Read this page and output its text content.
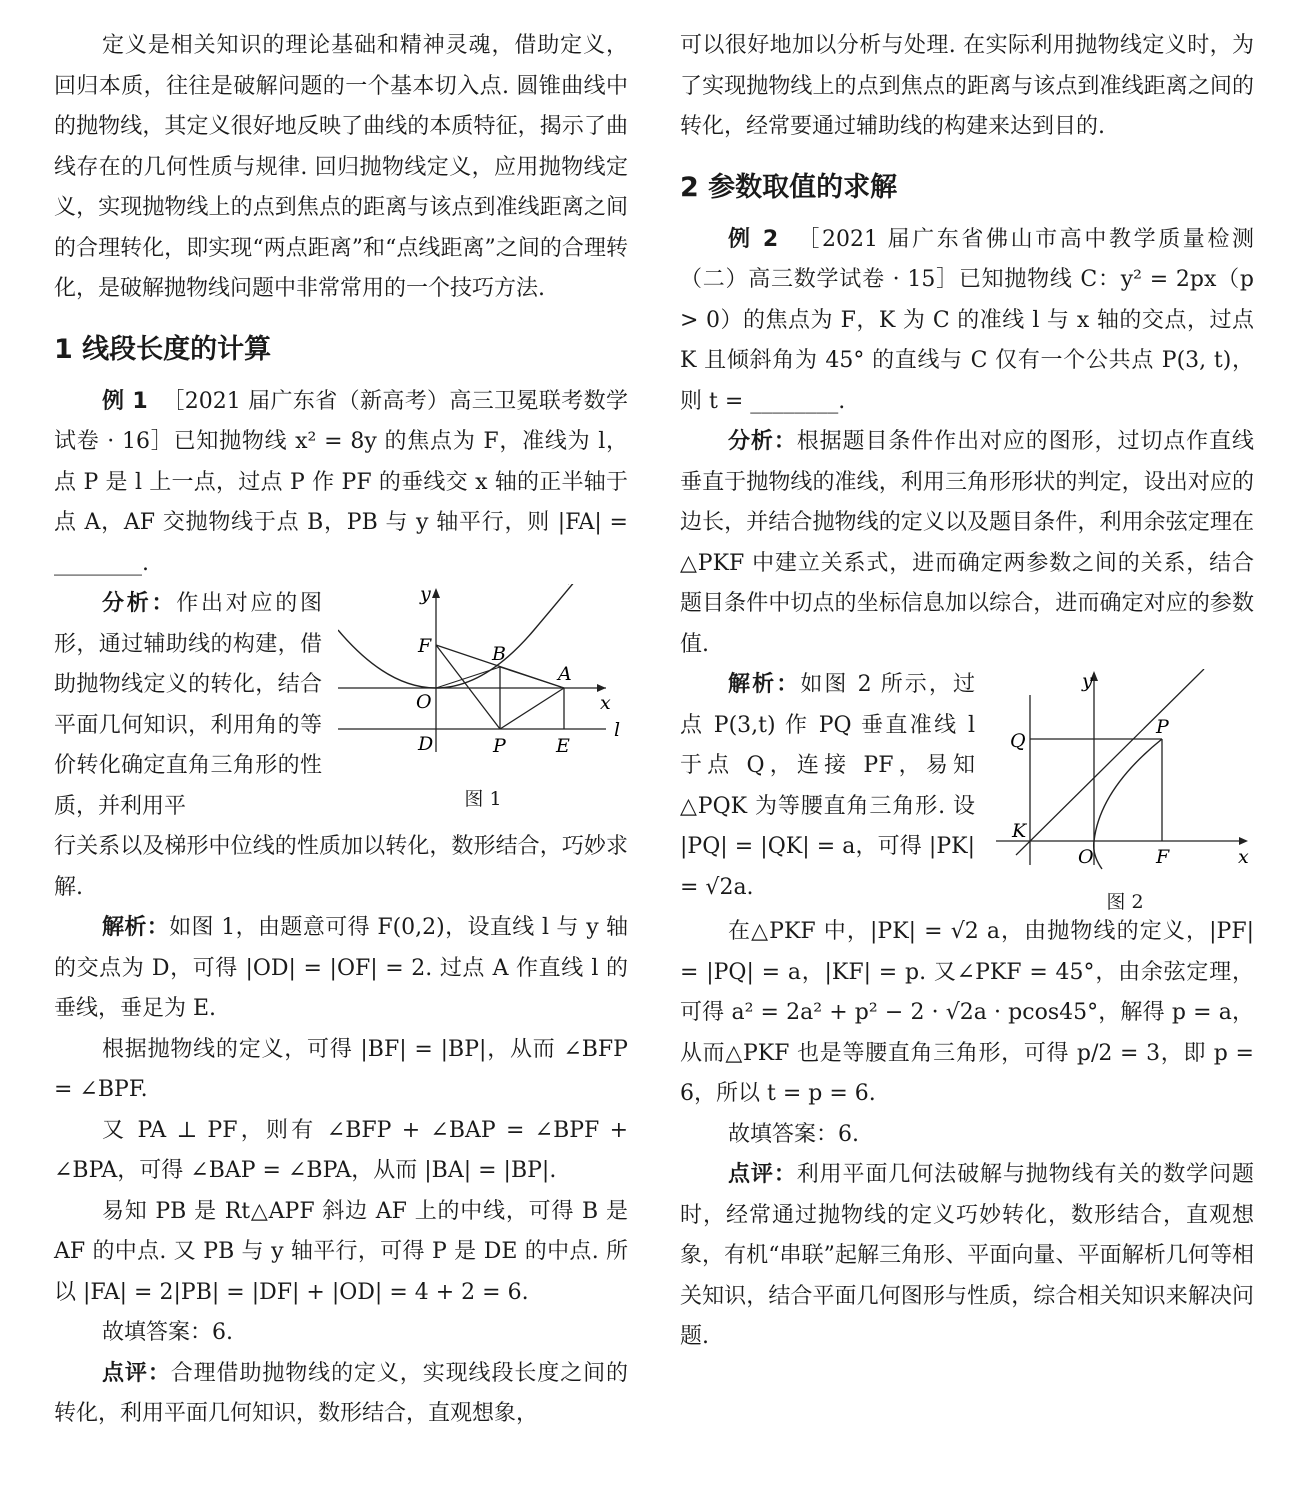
定义是相关知识的理论基础和精神灵魂，借助定义，回归本质，往往是破解问题的一个基本切入点. 圆锥曲线中的抛物线，其定义很好地反映了曲线的本质特征，揭示了曲线存在的几何性质与规律. 回归抛物线定义，应用抛物线定义，实现抛物线上的点到焦点的距离与该点到准线距离之间的合理转化，即实现“两点距离”和“点线距离”之间的合理转化，是破解抛物线问题中非常常用的一个技巧方法.

1 线段长度的计算

例 1 ［2021 届广东省（新高考）高三卫冕联考数学试卷 · 16］已知抛物线 x² = 8y 的焦点为 F，准线为 l，点 P 是 l 上一点，过点 P 作 PF 的垂线交 x 轴的正半轴于点 A，AF 交抛物线于点 B，PB 与 y 轴平行，则 |FA| = ________.

y
x
l
F	B
A
O
D	P	E
图 1

分析：作出对应的图形，通过辅助线的构建，借助抛物线定义的转化，结合平面几何知识，利用角的等价转化确定直角三角形的性质，并利用平

行关系以及梯形中位线的性质加以转化，数形结合，巧妙求解.

解析：如图 1，由题意可得 F(0,2)，设直线 l 与 y 轴的交点为 D，可得 |OD| = |OF| = 2. 过点 A 作直线 l 的垂线，垂足为 E.

根据抛物线的定义，可得 |BF| = |BP|，从而 ∠BFP = ∠BPF.

又 PA ⊥ PF，则有 ∠BFP + ∠BAP = ∠BPF + ∠BPA，可得 ∠BAP = ∠BPA，从而 |BA| = |BP|.

易知 PB 是 Rt△APF 斜边 AF 上的中线，可得 B 是 AF 的中点. 又 PB 与 y 轴平行，可得 P 是 DE 的中点. 所以 |FA| = 2|PB| = |DF| + |OD| = 4 + 2 = 6.

故填答案：6.

点评：合理借助抛物线的定义，实现线段长度之间的转化，利用平面几何知识，数形结合，直观想象，

可以很好地加以分析与处理. 在实际利用抛物线定义时，为了实现抛物线上的点到焦点的距离与该点到准线距离之间的转化，经常要通过辅助线的构建来达到目的.

2 参数取值的求解

例 2 ［2021 届广东省佛山市高中教学质量检测（二）高三数学试卷 · 15］已知抛物线 C：y² = 2px（p > 0）的焦点为 F，K 为 C 的准线 l 与 x 轴的交点，过点 K 且倾斜角为 45° 的直线与 C 仅有一个公共点 P(3, t)，则 t = ________.

分析：根据题目条件作出对应的图形，过切点作直线垂直于抛物线的准线，利用三角形形状的判定，设出对应的边长，并结合抛物线的定义以及题目条件，利用余弦定理在△PKF 中建立关系式，进而确定两参数之间的关系，结合题目条件中切点的坐标信息加以综合，进而确定对应的参数值.

y
x
Q
P
K
O	F
图 2

解析：如图 2 所示，过点 P(3,t) 作 PQ 垂直准线 l 于点 Q，连接 PF，易知△PQK 为等腰直角三角形. 设 |PQ| = |QK| = a，可得 |PK| = √2a.

在△PKF 中，|PK| = √2 a，由抛物线的定义，|PF| = |PQ| = a，|KF| = p. 又∠PKF = 45°，由余弦定理，可得 a² = 2a² + p² − 2 · √2a · pcos45°，解得 p = a，从而△PKF 也是等腰直角三角形，可得 p/2 = 3，即 p = 6，所以 t = p = 6.

故填答案：6.

点评：利用平面几何法破解与抛物线有关的数学问题时，经常通过抛物线的定义巧妙转化，数形结合，直观想象，有机“串联”起解三角形、平面向量、平面解析几何等相关知识，结合平面几何图形与性质，综合相关知识来解决问题.
